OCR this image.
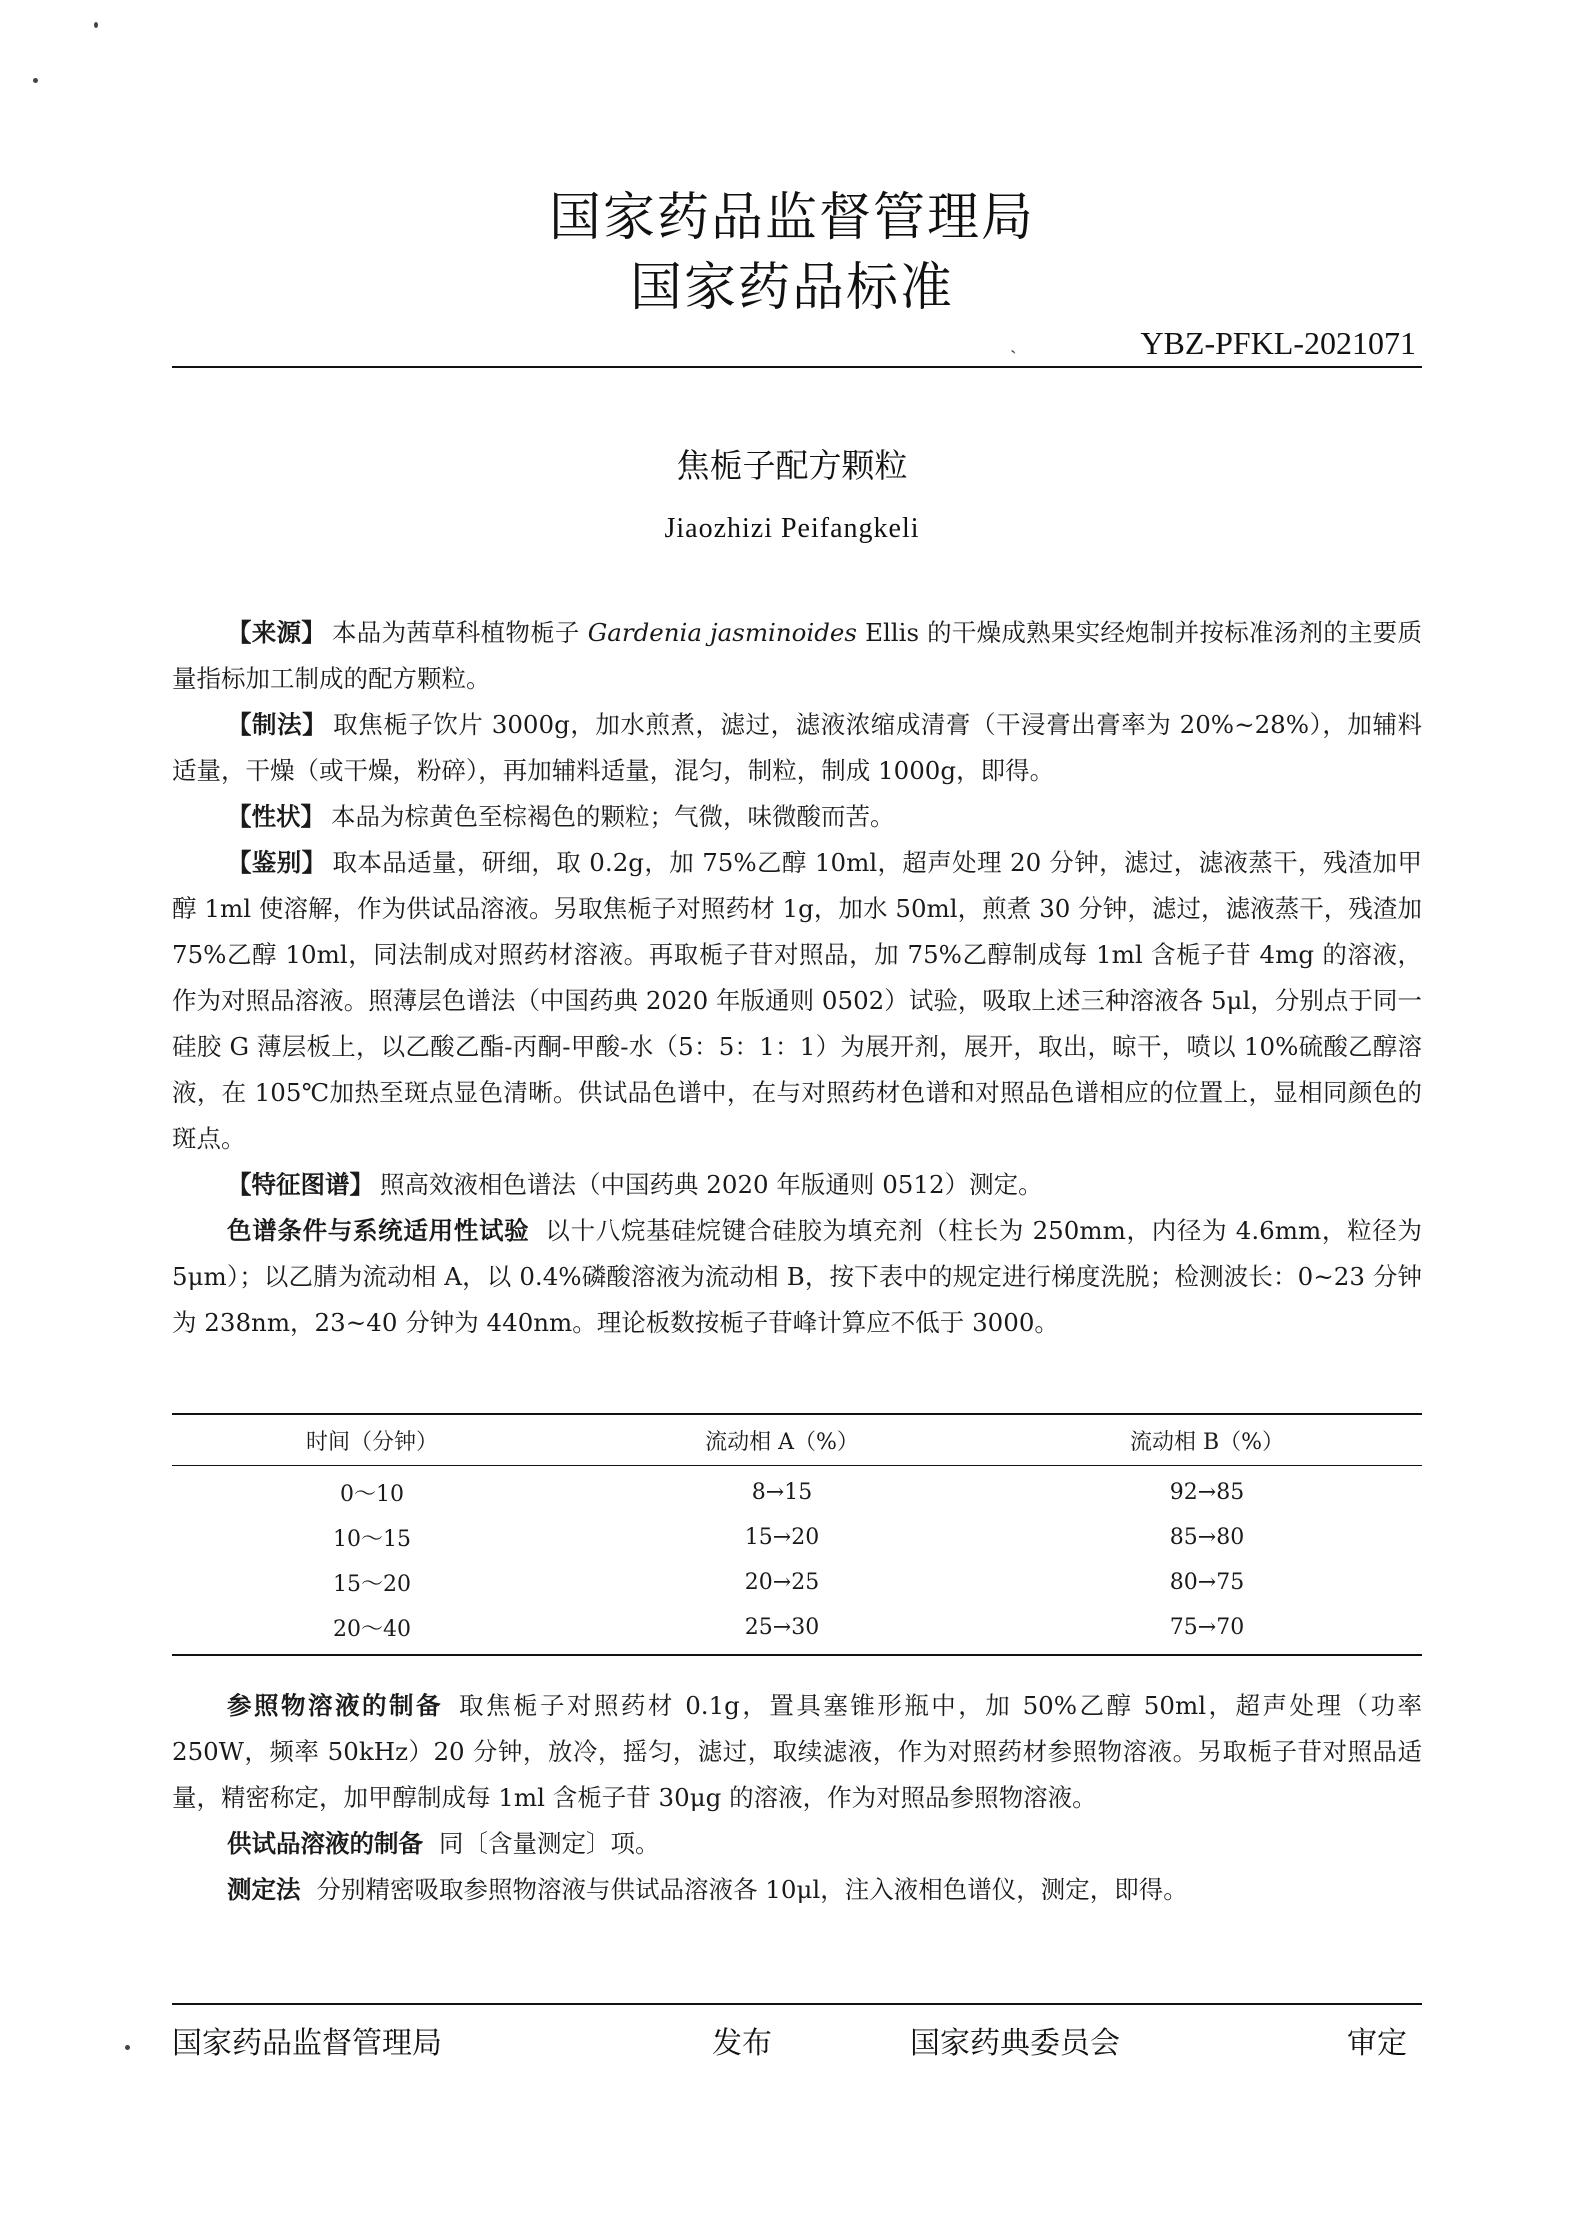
国家药品监督管理局
国家药品标准
ˏ	YBZ-PFKL-2021071
焦栀子配方颗粒
Jiaozhizi Peifangkeli

【来源】 本品为茜草科植物栀子 Gardenia jasminoides Ellis 的干燥成熟果实经炮制并按标准汤剂的主要质量指标加工制成的配方颗粒。

【制法】 取焦栀子饮片 3000g，加水煎煮，滤过，滤液浓缩成清膏（干浸膏出膏率为 20%~28%），加辅料适量，干燥（或干燥，粉碎），再加辅料适量，混匀，制粒，制成 1000g，即得。

【性状】 本品为棕黄色至棕褐色的颗粒；气微，味微酸而苦。

【鉴别】 取本品适量，研细，取 0.2g，加 75%乙醇 10ml，超声处理 20 分钟，滤过，滤液蒸干，残渣加甲醇 1ml 使溶解，作为供试品溶液。另取焦栀子对照药材 1g，加水 50ml，煎煮 30 分钟，滤过，滤液蒸干，残渣加 75%乙醇 10ml，同法制成对照药材溶液。再取栀子苷对照品，加 75%乙醇制成每 1ml 含栀子苷 4mg 的溶液，作为对照品溶液。照薄层色谱法（中国药典 2020 年版通则 0502）试验，吸取上述三种溶液各 5μl，分别点于同一硅胶 G 薄层板上，以乙酸乙酯-丙酮-甲酸-水（5：5：1：1）为展开剂，展开，取出，晾干，喷以 10%硫酸乙醇溶液，在 105℃加热至斑点显色清晰。供试品色谱中，在与对照药材色谱和对照品色谱相应的位置上，显相同颜色的斑点。

【特征图谱】 照高效液相色谱法（中国药典 2020 年版通则 0512）测定。

色谱条件与系统适用性试验 以十八烷基硅烷键合硅胶为填充剂（柱长为 250mm，内径为 4.6mm，粒径为 5μm）；以乙腈为流动相 A，以 0.4%磷酸溶液为流动相 B，按下表中的规定进行梯度洗脱；检测波长：0~23 分钟为 238nm，23~40 分钟为 440nm。理论板数按栀子苷峰计算应不低于 3000。

时间（分钟）	流动相 A（%）	流动相 B（%）
0～10	8→15	92→85
10～15	15→20	85→80
15～20	20→25	80→75
20～40	25→30	75→70

参照物溶液的制备 取焦栀子对照药材 0.1g，置具塞锥形瓶中，加 50%乙醇 50ml，超声处理（功率 250W，频率 50kHz）20 分钟，放冷，摇匀，滤过，取续滤液，作为对照药材参照物溶液。另取栀子苷对照品适量，精密称定，加甲醇制成每 1ml 含栀子苷 30μg 的溶液，作为对照品参照物溶液。

供试品溶液的制备 同〔含量测定〕项。

测定法 分别精密吸取参照物溶液与供试品溶液各 10μl，注入液相色谱仪，测定，即得。

国家药品监督管理局	发布	国家药典委员会	审定
